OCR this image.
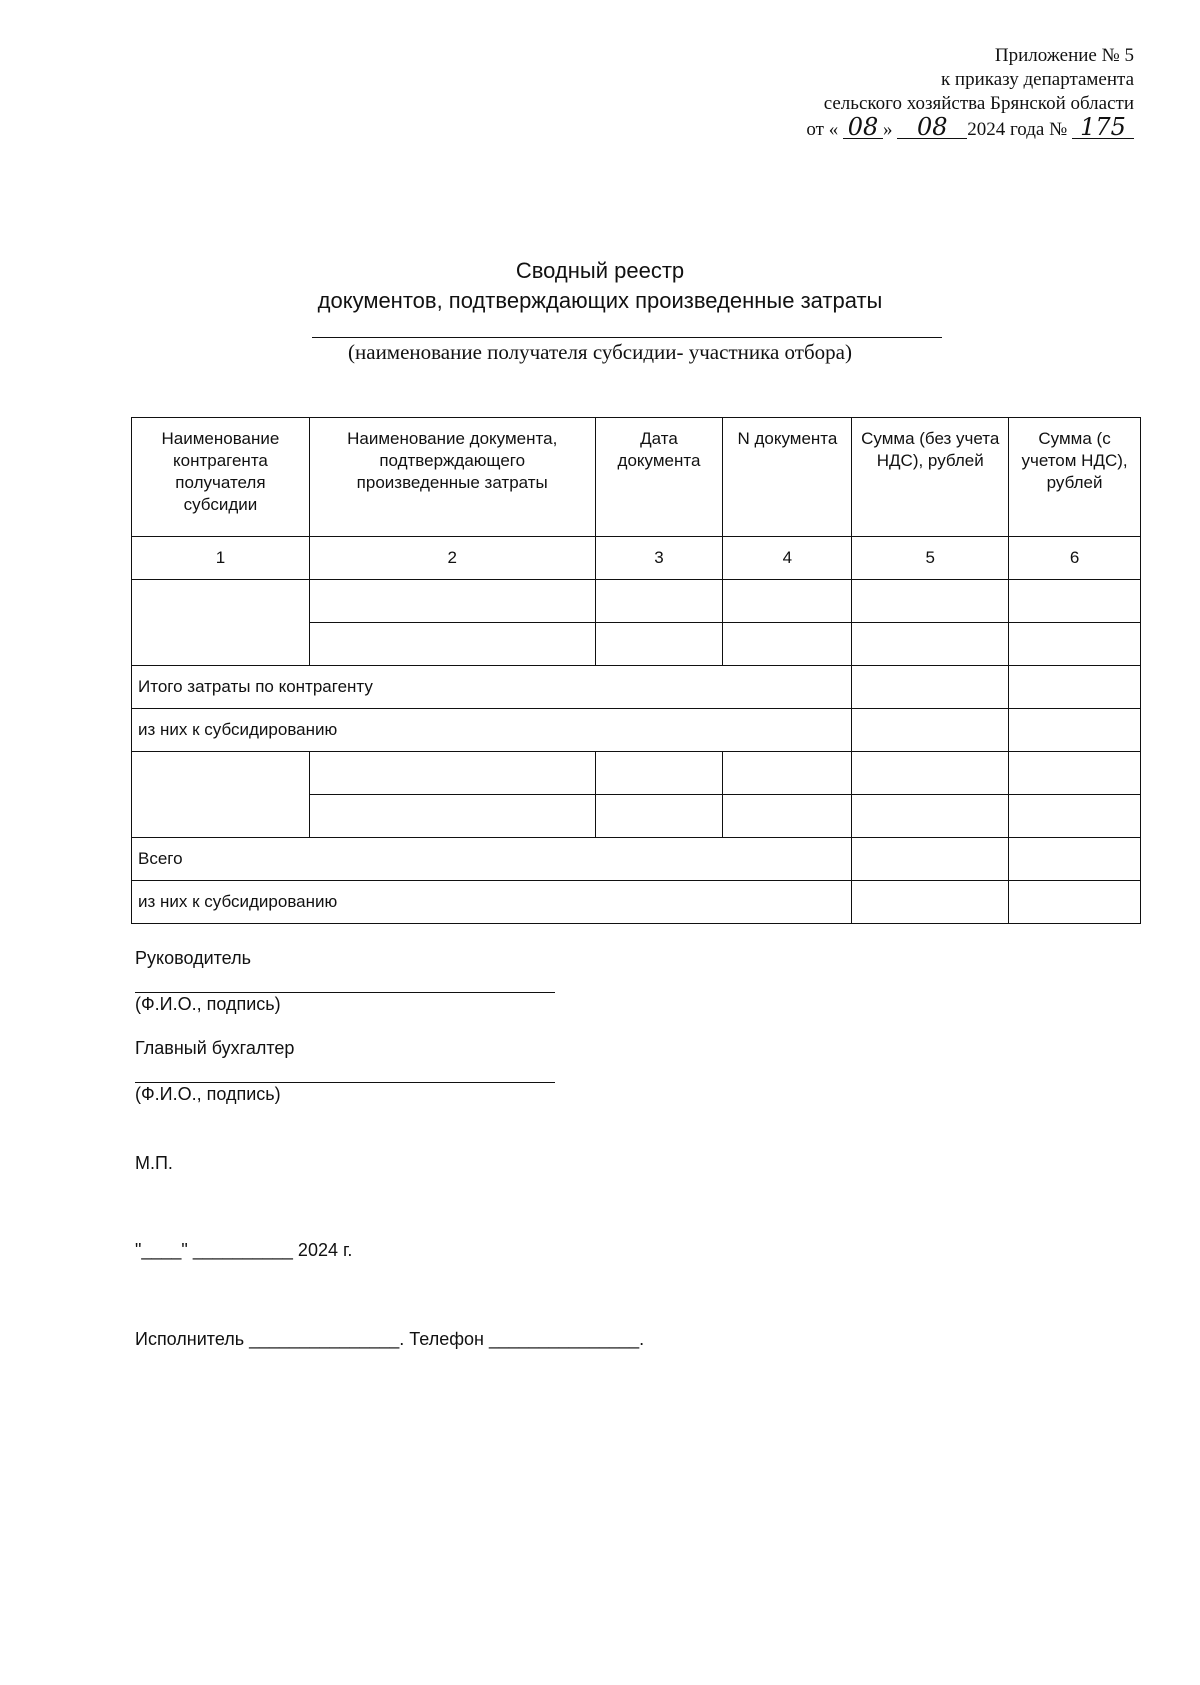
Приложение № 5
к приказу департамента
сельского хозяйства Брянской области
от « 08 » 08 2024 года № 175
Сводный реестр
документов, подтверждающих произведенные затраты
(наименование получателя субсидии- участника отбора)
Наименование контрагента получателя субсидии	Наименование документа, подтверждающего произведенные затраты	Дата документа	N документа	Сумма (без учета НДС), рублей	Сумма (с учетом НДС), рублей
1	2	3	4	5	6

Итого затраты по контрагенту					
из них к субсидированию					

Всего					
из них к субсидированию					
Руководитель
(Ф.И.О., подпись)
Главный бухгалтер
(Ф.И.О., подпись)
М.П.
"____" __________ 2024 г.
Исполнитель _______________. Телефон _______________.
